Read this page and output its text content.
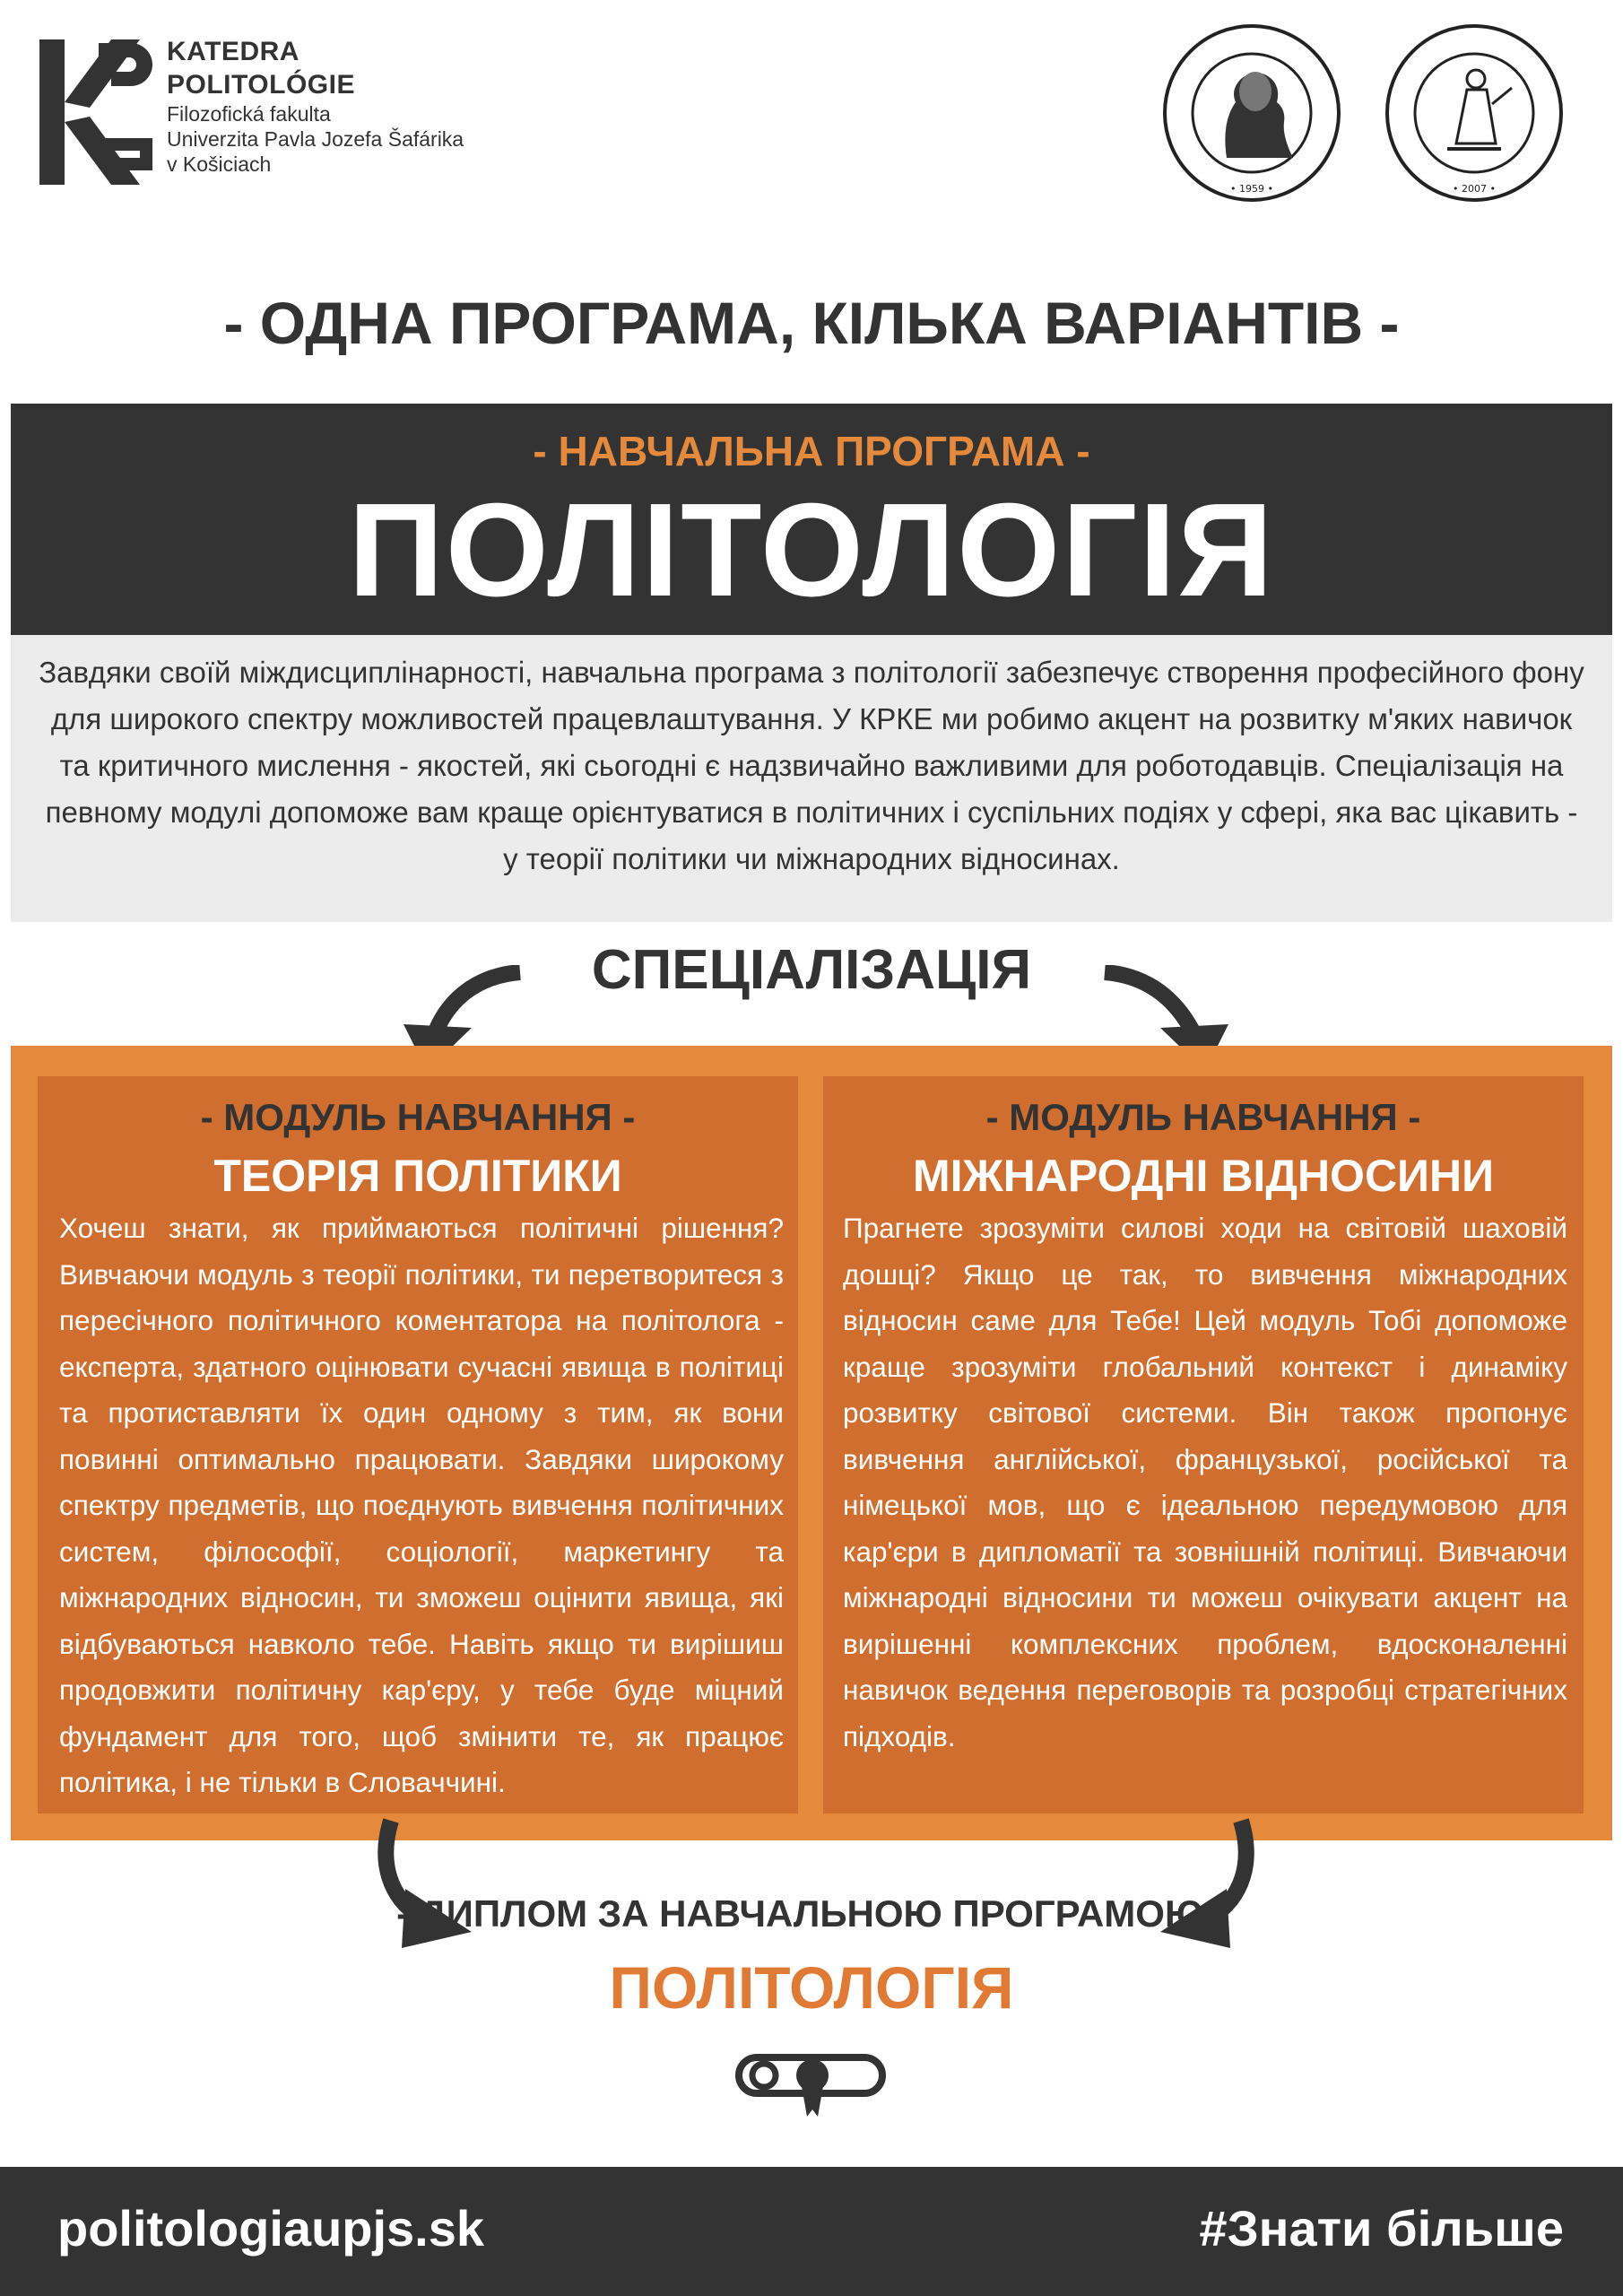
KATEDRA
POLITOLÓGIE
Filozofická fakulta
Univerzita Pavla Jozefa Šafárika
v Košiciach
• 1959 •	• 2007 •
- ОДНА ПРОГРАМА, КІЛЬКА ВАРІАНТІВ -
- НАВЧАЛЬНА ПРОГРАМА -
ПОЛІТОЛОГІЯ
Завдяки своїй міждисциплінарності, навчальна програма з політології забезпечує створення професійного фону для широкого спектру можливостей працевлаштування. У КРКЕ ми робимо акцент на розвитку м'яких навичок та критичного мислення - якостей, які сьогодні є надзвичайно важливими для роботодавців. Спеціалізація на певному модулі допоможе вам краще орієнтуватися в політичних і суспільних подіях у сфері, яка вас цікавить - у теорії політики чи міжнародних відносинах.
СПЕЦІАЛІЗАЦІЯ
- МОДУЛЬ НАВЧАННЯ -
ТЕОРІЯ ПОЛІТИКИ
Хочеш знати, як приймаються політичні рішення? Вивчаючи модуль з теорії політики, ти перетворитеся з пересічного політичного коментатора на політолога - експерта, здатного оцінювати сучасні явища в політиці та протиставляти їх один одному з тим, як вони повинні оптимально працювати. Завдяки широкому спектру предметів, що поєднують вивчення політичних систем, філософії, соціології, маркетингу та міжнародних відносин, ти зможеш оцінити явища, які відбуваються навколо тебе. Навіть якщо ти вирішиш продовжити політичну кар'єру, у тебе буде міцний фундамент для того, щоб змінити те, як працює політика, і не тільки в Словаччині.
- МОДУЛЬ НАВЧАННЯ -
МІЖНАРОДНІ ВІДНОСИНИ
Прагнете зрозуміти силові ходи на світовій шаховій дошці? Якщо це так, то вивчення міжнародних відносин саме для Тебе! Цей модуль Тобі допоможе краще зрозуміти глобальний контекст і динаміку розвитку світової системи. Він також пропонує вивчення англійської, французької, російської та німецької мов, що є ідеальною передумовою для кар'єри в дипломатії та зовнішній політиці. Вивчаючи міжнародні відносини ти можеш очікувати акцент на вирішенні комплексних проблем, вдосконаленні навичок ведення переговорів та розробці стратегічних підходів.
- ДИПЛОМ ЗА НАВЧАЛЬНОЮ ПРОГРАМОЮ -
ПОЛІТОЛОГІЯ
politologiaupjs.sk	#Знати більше
